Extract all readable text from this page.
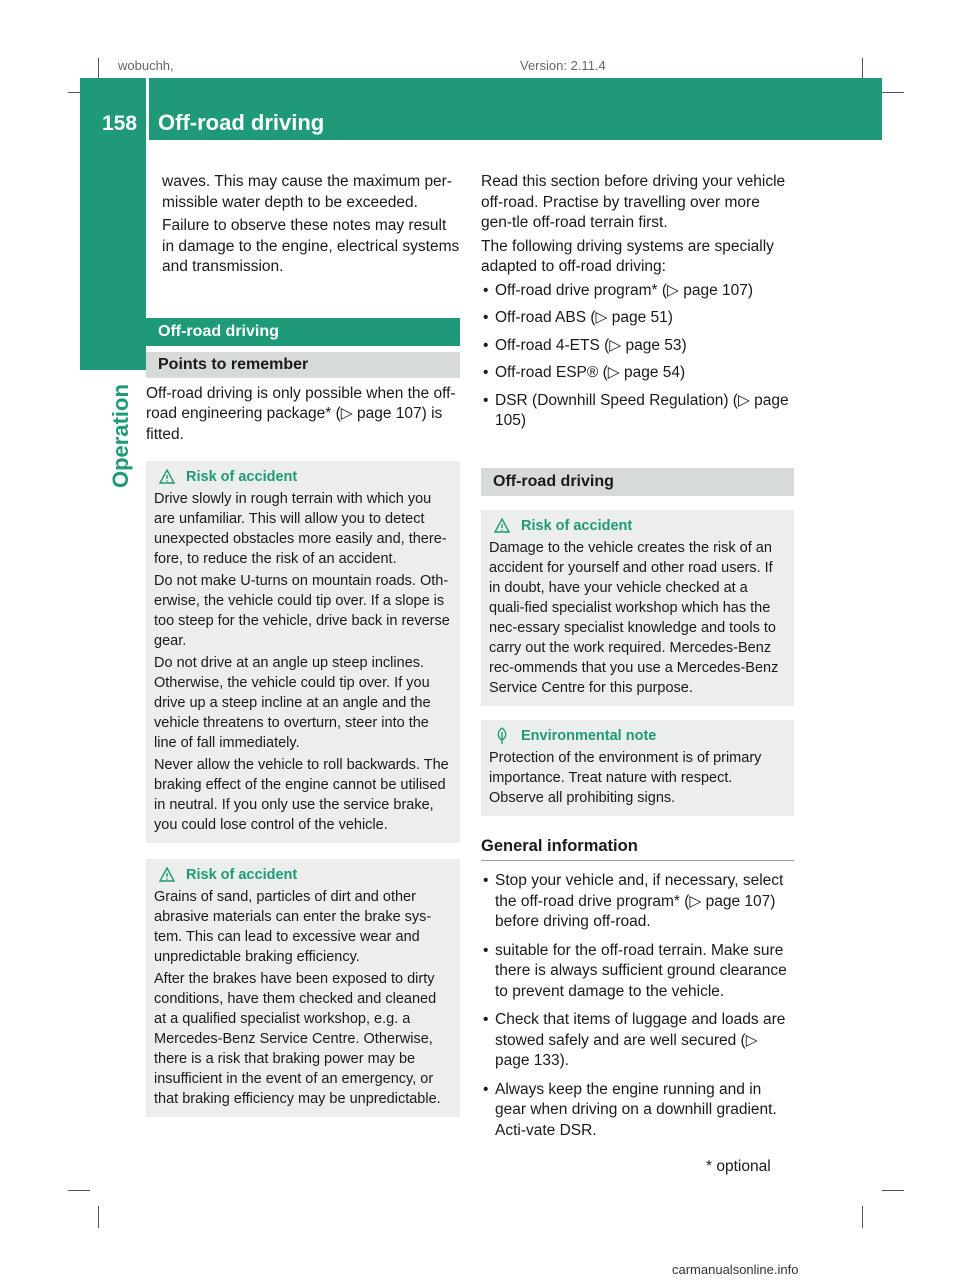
wobuchh,	Version: 2.11.4
158 Off-road driving
Operation

waves. This may cause the maximum per-missible water depth to be exceeded.

Failure to observe these notes may result in damage to the engine, electrical systems and transmission.

Off-road driving
Points to remember

Off-road driving is only possible when the off-road engineering package* (▷ page 107) is fitted.

Risk of accident

Drive slowly in rough terrain with which you are unfamiliar. This will allow you to detect unexpected obstacles more easily and, there-fore, to reduce the risk of an accident.

Do not make U-turns on mountain roads. Oth-erwise, the vehicle could tip over. If a slope is too steep for the vehicle, drive back in reverse gear.

Do not drive at an angle up steep inclines. Otherwise, the vehicle could tip over. If you drive up a steep incline at an angle and the vehicle threatens to overturn, steer into the line of fall immediately.

Never allow the vehicle to roll backwards. The braking effect of the engine cannot be utilised in neutral. If you only use the service brake, you could lose control of the vehicle.

Risk of accident

Grains of sand, particles of dirt and other abrasive materials can enter the brake sys-tem. This can lead to excessive wear and unpredictable braking efficiency.

After the brakes have been exposed to dirty conditions, have them checked and cleaned at a qualified specialist workshop, e.g. a Mercedes-Benz Service Centre. Otherwise, there is a risk that braking power may be insufficient in the event of an emergency, or that braking efficiency may be unpredictable.

Read this section before driving your vehicle off-road. Practise by travelling over more gen-tle off-road terrain first.

The following driving systems are specially adapted to off-road driving:

• Off-road drive program* (▷ page 107)
• Off-road ABS (▷ page 51)
• Off-road 4-ETS (▷ page 53)
• Off-road ESP® (▷ page 54)
• DSR (Downhill Speed Regulation) (▷ page 105)
Off-road driving
Risk of accident

Damage to the vehicle creates the risk of an accident for yourself and other road users. If in doubt, have your vehicle checked at a quali-fied specialist workshop which has the nec-essary specialist knowledge and tools to carry out the work required. Mercedes-Benz rec-ommends that you use a Mercedes-Benz Service Centre for this purpose.

Environmental note

Protection of the environment is of primary importance. Treat nature with respect. Observe all prohibiting signs.

General information
• Stop your vehicle and, if necessary, select the off-road drive program* (▷ page 107) before driving off-road.
• suitable for the off-road terrain. Make sure there is always sufficient ground clearance to prevent damage to the vehicle.
• Check that items of luggage and loads are stowed safely and are well secured (▷ page 133).
• Always keep the engine running and in gear when driving on a downhill gradient. Acti-vate DSR.
* optional
carmanualsonline.info
